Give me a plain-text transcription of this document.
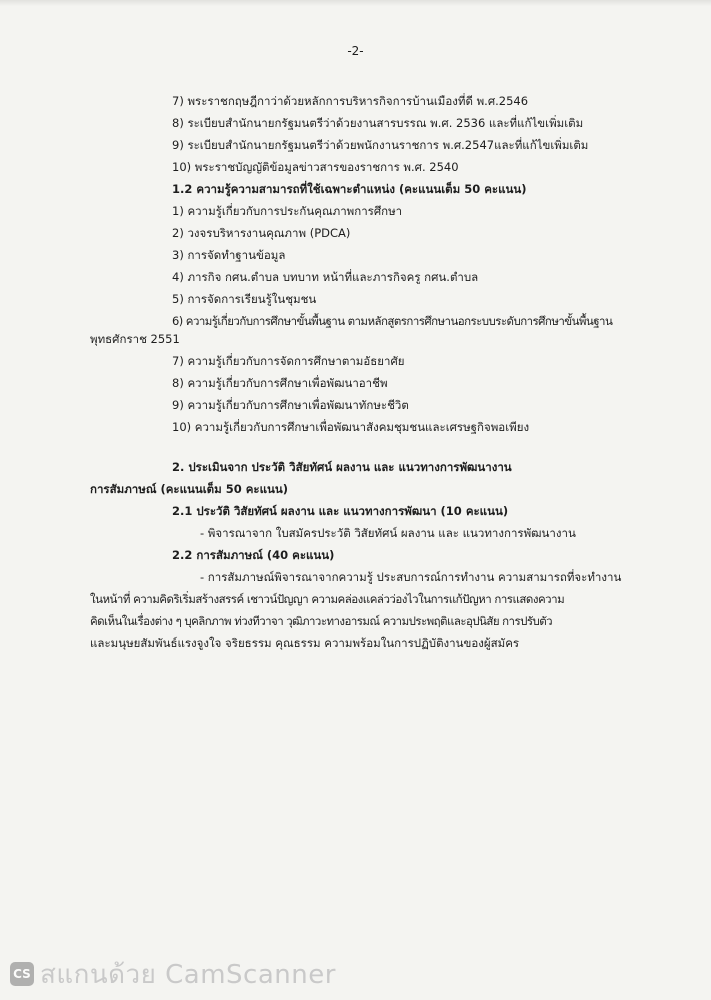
-2-
7) พระราชกฤษฎีกาว่าด้วยหลักการบริหารกิจการบ้านเมืองที่ดี พ.ศ.2546
8) ระเบียบสำนักนายกรัฐมนตรีว่าด้วยงานสารบรรณ พ.ศ. 2536 และที่แก้ไขเพิ่มเติม
9) ระเบียบสำนักนายกรัฐมนตรีว่าด้วยพนักงานราชการ พ.ศ.2547และที่แก้ไขเพิ่มเติม
10) พระราชบัญญัติข้อมูลข่าวสารของราชการ พ.ศ. 2540
1.2 ความรู้ความสามารถที่ใช้เฉพาะตำแหน่ง (คะแนนเต็ม 50 คะแนน)
1) ความรู้เกี่ยวกับการประกันคุณภาพการศึกษา
2) วงจรบริหารงานคุณภาพ (PDCA)
3) การจัดทำฐานข้อมูล
4) ภารกิจ กศน.ตำบล บทบาท หน้าที่และภารกิจครู กศน.ตำบล
5) การจัดการเรียนรู้ในชุมชน
6) ความรู้เกี่ยวกับการศึกษาขั้นพื้นฐาน ตามหลักสูตรการศึกษานอกระบบระดับการศึกษาขั้นพื้นฐาน
พุทธศักราช 2551
7) ความรู้เกี่ยวกับการจัดการศึกษาตามอัธยาศัย
8) ความรู้เกี่ยวกับการศึกษาเพื่อพัฒนาอาชีพ
9) ความรู้เกี่ยวกับการศึกษาเพื่อพัฒนาทักษะชีวิต
10) ความรู้เกี่ยวกับการศึกษาเพื่อพัฒนาสังคมชุมชนและเศรษฐกิจพอเพียง
2. ประเมินจาก ประวัติ วิสัยทัศน์ ผลงาน และ แนวทางการพัฒนางาน
การสัมภาษณ์ (คะแนนเต็ม 50 คะแนน)
2.1 ประวัติ วิสัยทัศน์ ผลงาน และ แนวทางการพัฒนา (10 คะแนน)
- พิจารณาจาก ใบสมัครประวัติ วิสัยทัศน์ ผลงาน และ แนวทางการพัฒนางาน
2.2 การสัมภาษณ์ (40 คะแนน)
- การสัมภาษณ์พิจารณาจากความรู้ ประสบการณ์การทำงาน ความสามารถที่จะทำงาน
ในหน้าที่ ความคิดริเริ่มสร้างสรรค์ เชาวน์ปัญญา ความคล่องแคล่วว่องไวในการแก้ปัญหา การแสดงความ
คิดเห็นในเรื่องต่าง ๆ บุคลิกภาพ ท่วงทีวาจา วุฒิภาวะทางอารมณ์ ความประพฤติและอุปนิสัย การปรับตัว
และมนุษยสัมพันธ์แรงจูงใจ จริยธรรม คุณธรรม ความพร้อมในการปฏิบัติงานของผู้สมัคร
CS สแกนด้วย CamScanner
